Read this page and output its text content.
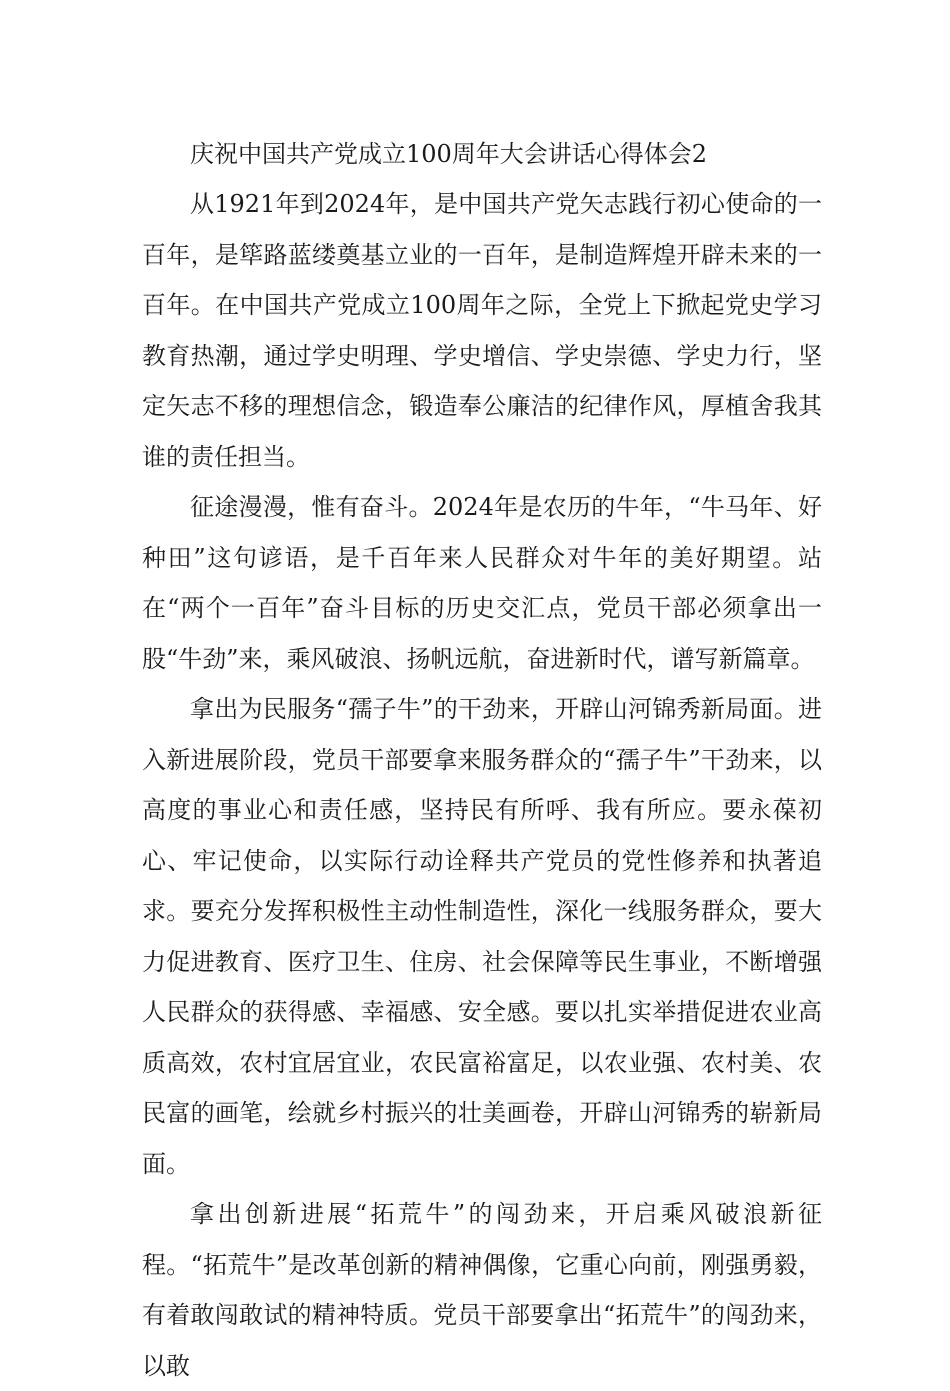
庆祝中国共产党成立100周年大会讲话心得体会2

从1921年到2024年，是中国共产党矢志践行初心使命的一百年，是筚路蓝缕奠基立业的一百年，是制造辉煌开辟未来的一百年。在中国共产党成立100周年之际，全党上下掀起党史学习教育热潮，通过学史明理、学史增信、学史崇德、学史力行，坚定矢志不移的理想信念，锻造奉公廉洁的纪律作风，厚植舍我其谁的责任担当。

征途漫漫，惟有奋斗。2024年是农历的牛年，“牛马年、好种田”这句谚语，是千百年来人民群众对牛年的美好期望。站在“两个一百年”奋斗目标的历史交汇点，党员干部必须拿出一股“牛劲”来，乘风破浪、扬帆远航，奋进新时代，谱写新篇章。

拿出为民服务“孺子牛”的干劲来，开辟山河锦秀新局面。进入新进展阶段，党员干部要拿来服务群众的“孺子牛”干劲来，以高度的事业心和责任感，坚持民有所呼、我有所应。要永葆初心、牢记使命，以实际行动诠释共产党员的党性修养和执著追求。要充分发挥积极性主动性制造性，深化一线服务群众，要大力促进教育、医疗卫生、住房、社会保障等民生事业，不断增强人民群众的获得感、幸福感、安全感。要以扎实举措促进农业高质高效，农村宜居宜业，农民富裕富足，以农业强、农村美、农民富的画笔，绘就乡村振兴的壮美画卷，开辟山河锦秀的崭新局面。

拿出创新进展“拓荒牛”的闯劲来，开启乘风破浪新征程。“拓荒牛”是改革创新的精神偶像，它重心向前，刚强勇毅，有着敢闯敢试的精神特质。党员干部要拿出“拓荒牛”的闯劲来，以敢
